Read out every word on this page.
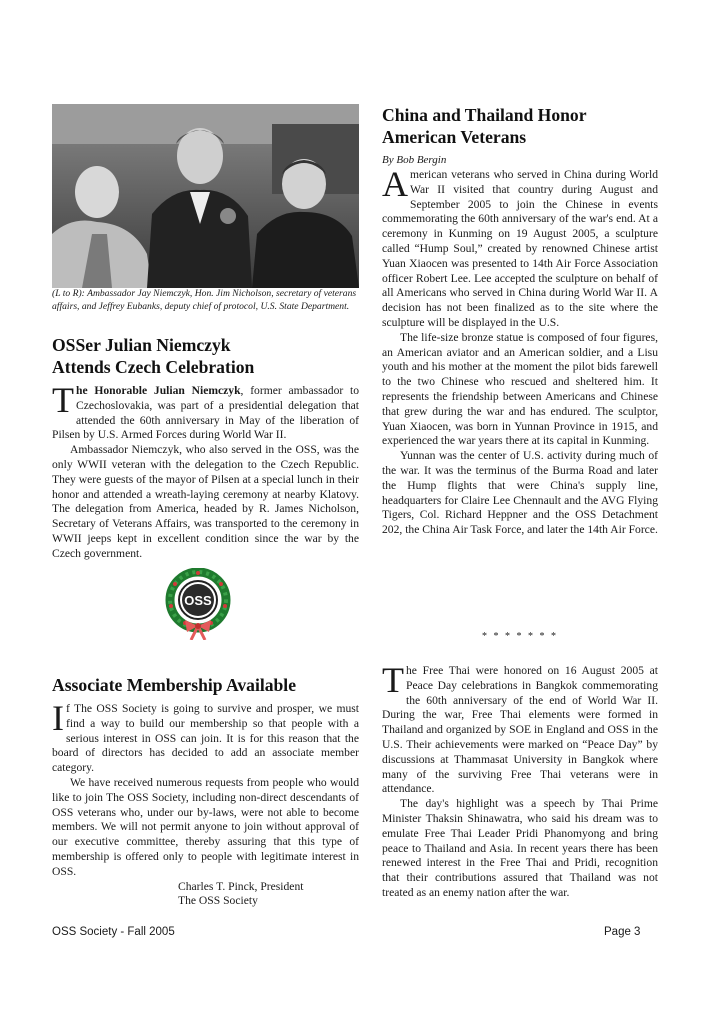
(L to R): Ambassador Jay Niemczyk, Hon. Jim Nicholson, secretary of veterans affairs, and Jeffrey Eubanks, deputy chief of protocol, U.S. State Department.
OSSer Julian Niemczyk
Attends Czech Celebration

The Honorable Julian Niemczyk, former ambassador to Czechoslovakia, was part of a presidential delegation that attended the 60th anniversary in May of the liberation of Pilsen by U.S. Armed Forces during World War II.

Ambassador Niemczyk, who also served in the OSS, was the only WWII veteran with the delegation to the Czech Republic. They were guests of the mayor of Pilsen at a special lunch in their honor and attended a wreath-laying ceremony at nearby Klatovy. The delegation from America, headed by R. James Nicholson, Secretary of Veterans Affairs, was transported to the ceremony in WWII jeeps kept in excellent condition since the war by the Czech government.

OSS
Associate Membership Available

If The OSS Society is going to survive and prosper, we must find a way to build our membership so that people with a serious interest in OSS can join. It is for this reason that the board of directors has decided to add an associate member category.

We have received numerous requests from people who would like to join The OSS Society, including non-direct descendants of OSS veterans who, under our by-laws, were not able to become members. We will not permit anyone to join without approval of our executive committee, thereby assuring that this type of membership is offered only to people with legitimate interest in OSS.

Charles T. Pinck, President
The OSS Society
China and Thailand Honor
American Veterans
By Bob Bergin

American veterans who served in China during World War II visited that country during August and September 2005 to join the Chinese in events commemorating the 60th anniversary of the war's end. At a ceremony in Kunming on 19 August 2005, a sculpture called “Hump Soul,” created by renowned Chinese artist Yuan Xiaocen was presented to 14th Air Force Association officer Robert Lee. Lee accepted the sculpture on behalf of all Americans who served in China during World War II. A decision has not been finalized as to the site where the sculpture will be displayed in the U.S.

The life-size bronze statue is composed of four figures, an American aviator and an American soldier, and a Lisu youth and his mother at the moment the pilot bids farewell to the two Chinese who rescued and sheltered him. It represents the friendship between Americans and Chinese that grew during the war and has endured. The sculptor, Yuan Xiaocen, was born in Yunnan Province in 1915, and experienced the war years there at its capital in Kunming.

Yunnan was the center of U.S. activity during much of the war. It was the terminus of the Burma Road and later the Hump flights that were China's supply line, headquarters for Claire Lee Chennault and the AVG Flying Tigers, Col. Richard Heppner and the OSS Detachment 202, the China Air Task Force, and later the 14th Air Force.

* * * * * * *

The Free Thai were honored on 16 August 2005 at Peace Day celebrations in Bangkok commemorating the 60th anniversary of the end of World War II. During the war, Free Thai elements were formed in Thailand and organized by SOE in England and OSS in the U.S. Their achievements were marked on “Peace Day” by discussions at Thammasat University in Bangkok where many of the surviving Free Thai veterans were in attendance.

The day's highlight was a speech by Thai Prime Minister Thaksin Shinawatra, who said his dream was to emulate Free Thai Leader Pridi Phanomyong and bring peace to Thailand and Asia. In recent years there has been renewed interest in the Free Thai and Pridi, recognition that their contributions assured that Thailand was not treated as an enemy nation after the war.

OSS Society - Fall 2005	Page 3
